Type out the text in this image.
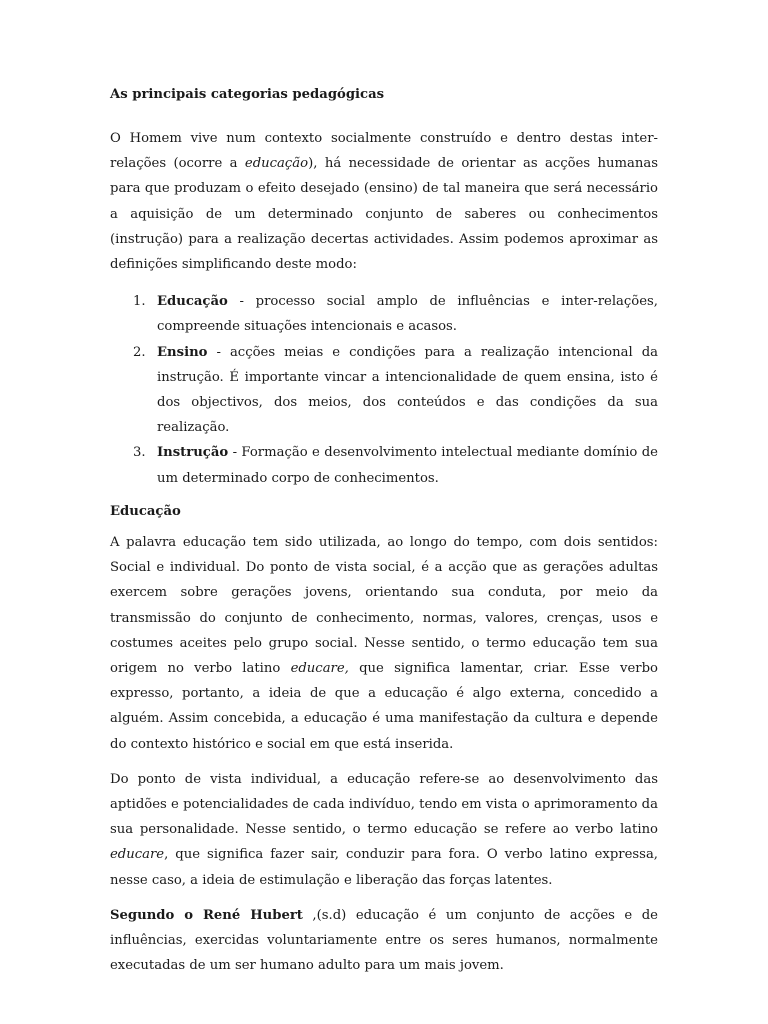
As principais categorias pedagógicas

O Homem vive num contexto socialmente construído e dentro destas inter-relações (ocorre a educação), há necessidade de orientar as acções humanas para que produzam o efeito desejado (ensino) de tal maneira que será necessário a aquisição de um determinado conjunto de saberes ou conhecimentos (instrução) para a realização decertas actividades. Assim podemos aproximar as definições simplificando deste modo:

1. Educação - processo social amplo de influências e inter-relações, compreende situações intencionais e acasos.
2. Ensino - acções meias e condições para a realização intencional da instrução. É importante vincar a intencionalidade de quem ensina, isto é dos objectivos, dos meios, dos conteúdos e das condições da sua realização.
3. Instrução - Formação e desenvolvimento intelectual mediante domínio de um determinado corpo de conhecimentos.
Educação

A palavra educação tem sido utilizada, ao longo do tempo, com dois sentidos: Social e individual. Do ponto de vista social, é a acção que as gerações adultas exercem sobre gerações jovens, orientando sua conduta, por meio da transmissão do conjunto de conhecimento, normas, valores, crenças, usos e costumes aceites pelo grupo social. Nesse sentido, o termo educação tem sua origem no verbo latino educare, que significa lamentar, criar. Esse verbo expresso, portanto, a ideia de que a educação é algo externa, concedido a alguém. Assim concebida, a educação é uma manifestação da cultura e depende do contexto histórico e social em que está inserida.

Do ponto de vista individual, a educação refere-se ao desenvolvimento das aptidões e potencialidades de cada indivíduo, tendo em vista o aprimoramento da sua personalidade. Nesse sentido, o termo educação se refere ao verbo latino educare, que significa fazer sair, conduzir para fora. O verbo latino expressa, nesse caso, a ideia de estimulação e liberação das forças latentes.

Segundo o René Hubert ,(s.d) educação é um conjunto de acções e de influências, exercidas voluntariamente entre os seres humanos, normalmente executadas de um ser humano adulto para um mais jovem.
